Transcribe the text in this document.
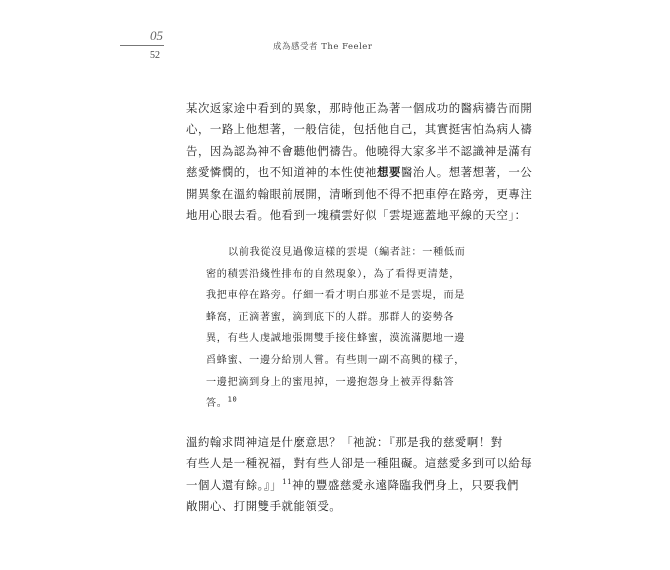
05
52
成為感受者 The Feeler
某次返家途中看到的異象，那時他正為著一個成功的醫病禱告而開
心，一路上他想著，一般信徒，包括他自己，其實挺害怕為病人禱
告，因為認為神不會聽他們禱告。他曉得大家多半不認識神是滿有
慈愛憐憫的，也不知道神的本性使祂想要醫治人。想著想著，一公
開異象在溫約翰眼前展開，清晰到他不得不把車停在路旁，更專注
地用心眼去看。他看到一塊積雲好似「雲堤遮蓋地平線的天空」：
以前我從沒見過像這樣的雲堤（編者註：一種低而
密的積雲沿綫性排布的自然現象），為了看得更清楚，
我把車停在路旁。仔細一看才明白那並不是雲堤，而是
蜂窩，正滴著蜜，滴到底下的人群。那群人的姿勢各
異，有些人虔誠地張開雙手接住蜂蜜，漠流滿腮地一邊
舀蜂蜜、一邊分給別人嘗。有些則一副不高興的樣子，
一邊把滴到身上的蜜甩掉，一邊抱怨身上被弄得黏答
答。$^{10}$
溫約翰求問神這是什麼意思？「祂說：『那是我的慈愛啊！對
有些人是一種祝福，對有些人卻是一種阻礙。這慈愛多到可以給每
一個人還有餘。』」$^{11}$神的豐盛慈愛永遠降臨我們身上，只要我們
敞開心、打開雙手就能領受。
